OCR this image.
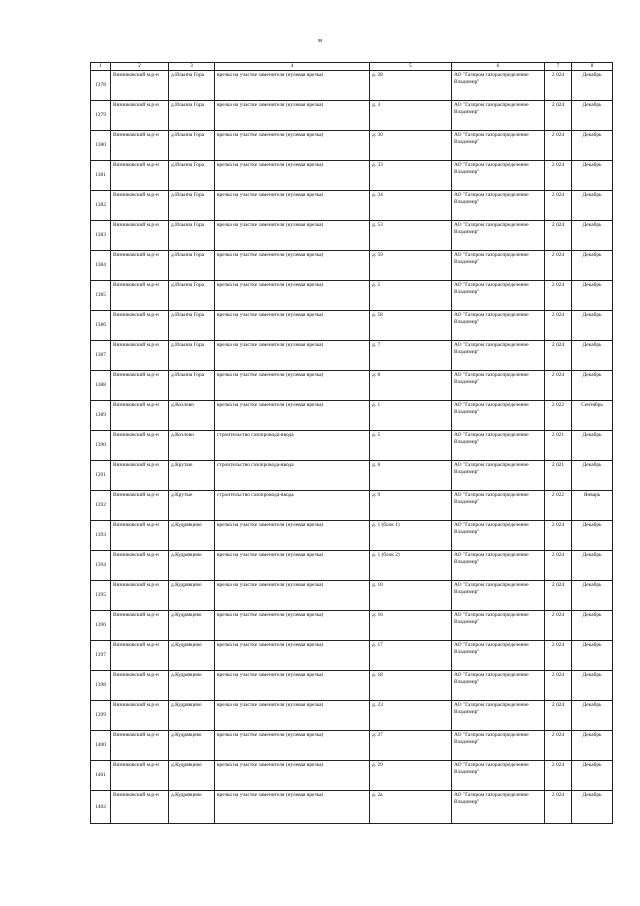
м
1	2	3	4	5	6	7	8
1378	Вязниковский м.р-н	д.Ильина Гора	врезка на участке заменителя (нулевая врезка)	д. 28	АО "Газпром газораспределение Владимир"	2 024	Декабрь
1379	Вязниковский м.р-н	д.Ильина Гора	врезка на участке заменителя (нулевая врезка)	д. 3	АО "Газпром газораспределение Владимир"	2 024	Декабрь
1380	Вязниковский м.р-н	д.Ильина Гора	врезка на участке заменителя (нулевая врезка)	д. 30	АО "Газпром газораспределение Владимир"	2 024	Декабрь
1381	Вязниковский м.р-н	д.Ильина Гора	врезка на участке заменителя (нулевая врезка)	д. 33	АО "Газпром газораспределение Владимир"	2 024	Декабрь
1382	Вязниковский м.р-н	д.Ильина Гора	врезка на участке заменителя (нулевая врезка)	д. 34	АО "Газпром газораспределение Владимир"	2 024	Декабрь
1383	Вязниковский м.р-н	д.Ильина Гора	врезка на участке заменителя (нулевая врезка)	д. 53	АО "Газпром газораспределение Владимир"	2 024	Декабрь
1384	Вязниковский м.р-н	д.Ильина Гора	врезка на участке заменителя (нулевая врезка)	д. 59	АО "Газпром газораспределение Владимир"	2 024	Декабрь
1385	Вязниковский м.р-н	д.Ильина Гора	врезка на участке заменителя (нулевая врезка)	д. 5	АО "Газпром газораспределение Владимир"	2 024	Декабрь
1386	Вязниковский м.р-н	д.Ильина Гора	врезка на участке заменителя (нулевая врезка)	д. 58	АО "Газпром газораспределение Владимир"	2 024	Декабрь
1387	Вязниковский м.р-н	д.Ильина Гора	врезка на участке заменителя (нулевая врезка)	д. 7	АО "Газпром газораспределение Владимир"	2 024	Декабрь
1388	Вязниковский м.р-н	д.Ильина Гора	врезка на участке заменителя (нулевая врезка)	д. 8	АО "Газпром газораспределение Владимир"	2 024	Декабрь
1389	Вязниковский м.р-н	д.Козлово	врезка на участке заменителя (нулевая врезка)	д. 1	АО "Газпром газораспределение Владимир"	2 022	Сентябрь
1390	Вязниковский м.р-н	д.Козлово	строительство газопровода-ввода	д. 5	АО "Газпром газораспределение Владимир"	2 021	Декабрь
1391	Вязниковский м.р-н	д.Крутые	строительство газопровода-ввода	д. 6	АО "Газпром газораспределение Владимир"	2 021	Декабрь
1392	Вязниковский м.р-н	д.Крутые	строительство газопровода-ввода	д. 9	АО "Газпром газораспределение Владимир"	2 022	Январь
1393	Вязниковский м.р-н	д.Кудрявцево	врезка на участке заменителя (нулевая врезка)	д. 1 (блок 1)	АО "Газпром газораспределение Владимир"	2 024	Декабрь
1394	Вязниковский м.р-н	д.Кудрявцево	врезка на участке заменителя (нулевая врезка)	д. 1 (блок 2)	АО "Газпром газораспределение Владимир"	2 024	Декабрь
1395	Вязниковский м.р-н	д.Кудрявцево	врезка на участке заменителя (нулевая врезка)	д. 10	АО "Газпром газораспределение Владимир"	2 024	Декабрь
1396	Вязниковский м.р-н	д.Кудрявцево	врезка на участке заменителя (нулевая врезка)	д. 16	АО "Газпром газораспределение Владимир"	2 024	Декабрь
1397	Вязниковский м.р-н	д.Кудрявцево	врезка на участке заменителя (нулевая врезка)	д. 17	АО "Газпром газораспределение Владимир"	2 024	Декабрь
1398	Вязниковский м.р-н	д.Кудрявцево	врезка на участке заменителя (нулевая врезка)	д. 18	АО "Газпром газораспределение Владимир"	2 024	Декабрь
1399	Вязниковский м.р-н	д.Кудрявцево	врезка на участке заменителя (нулевая врезка)	д. 23	АО "Газпром газораспределение Владимир"	2 024	Декабрь
1400	Вязниковский м.р-н	д.Кудрявцево	врезка на участке заменителя (нулевая врезка)	д. 27	АО "Газпром газораспределение Владимир"	2 024	Декабрь
1401	Вязниковский м.р-н	д.Кудрявцево	врезка на участке заменителя (нулевая врезка)	д. 29	АО "Газпром газораспределение Владимир"	2 024	Декабрь
1402	Вязниковский м.р-н	д.Кудрявцево	врезка на участке заменителя (нулевая врезка)	д. 2а	АО "Газпром газораспределение Владимир"	2 024	Декабрь
